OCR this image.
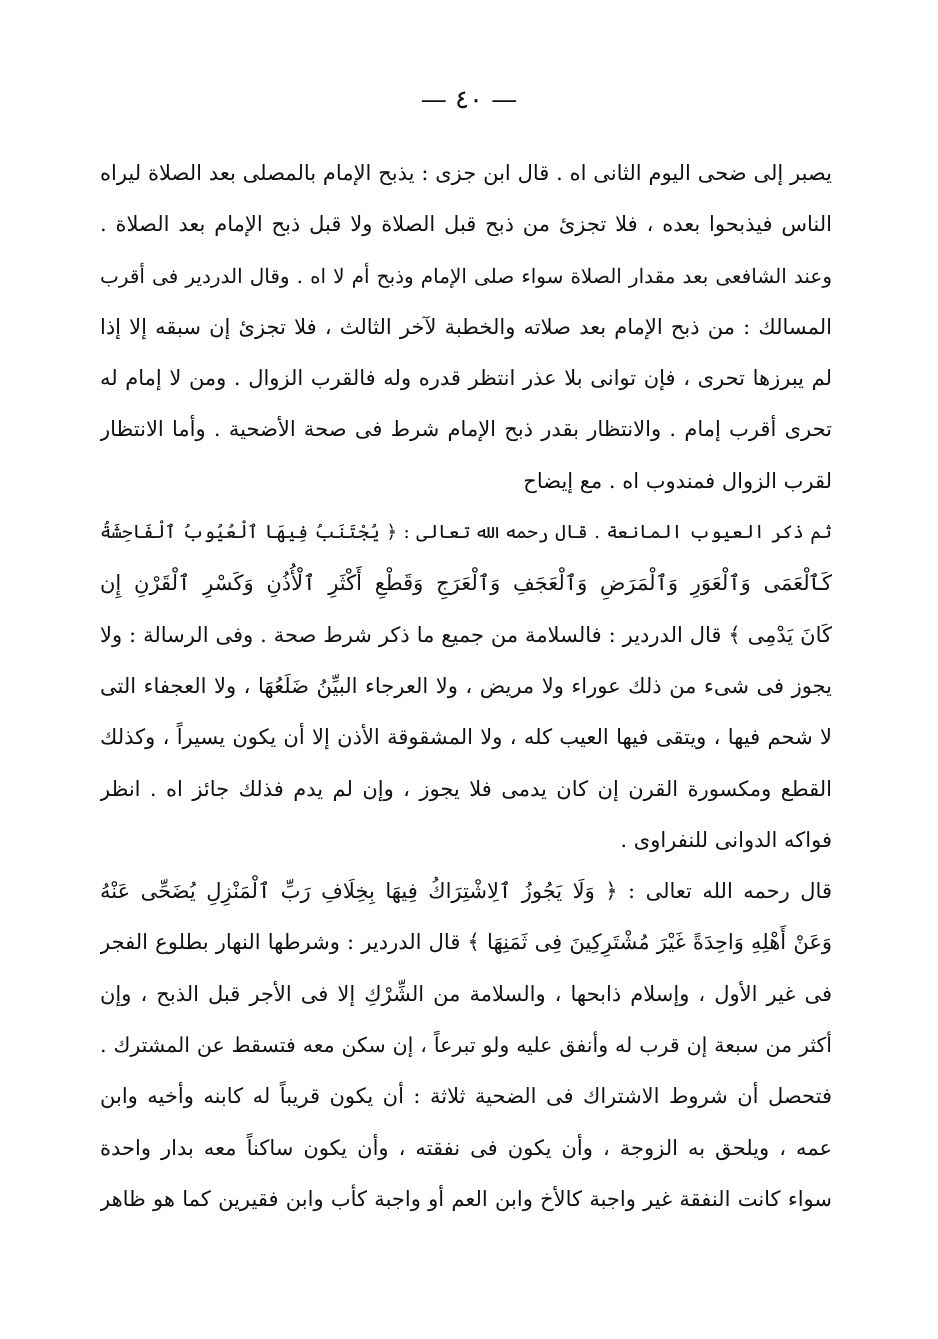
— ٤٠ —
يصبر إلى ضحى اليوم الثانى اه . قال ابن جزى : يذبح الإمام بالمصلى بعد الصلاة ليراه
الناس فيذبحوا بعده ، فلا تجزئ من ذبح قبل الصلاة ولا قبل ذبح الإمام بعد الصلاة .
وعند الشافعى بعد مقدار الصلاة سواء صلى الإمام وذبح أم لا اه . وقال الدردير فى أقرب
المسالك : من ذبح الإمام بعد صلاته والخطبة لآخر الثالث ، فلا تجزئ إن سبقه إلا إذا
لم يبرزها تحرى ، فإن توانى بلا عذر انتظر قدره وله فالقرب الزوال . ومن لا إمام له
تحرى أقرب إمام . والانتظار بقدر ذبح الإمام شرط فى صحة الأضحية . وأما الانتظار
لقرب الزوال فمندوب اه . مع إيضاح
ثم ذكر العيوب المانعة . قال رحمه الله تعالى : ﴿ يُجْتَنَبُ فِيهَا ٱلْعُيُوبُ ٱلْفَاحِشَةُ
كَٱلْعَمَى وَٱلْعَوَرِ وَٱلْمَرَضِ وَٱلْعَجَفِ وَٱلْعَرَجِ وَقَطْعِ أَكْثَرِ ٱلْأُذُنِ وَكَسْرِ ٱلْقَرْنِ إِن
كَانَ يَدْمِى ﴾ قال الدردير : فالسلامة من جميع ما ذكر شرط صحة . وفى الرسالة : ولا
يجوز فى شىء من ذلك عوراء ولا مريض ، ولا العرجاء البيِّنُ ضَلَعُهَا ، ولا العجفاء التى
لا شحم فيها ، ويتقى فيها العيب كله ، ولا المشقوقة الأذن إلا أن يكون يسيراً ، وكذلك
القطع ومكسورة القرن إن كان يدمى فلا يجوز ، وإن لم يدم فذلك جائز اه . انظر
فواكه الدوانى للنفراوى .
قال رحمه الله تعالى : ﴿ وَلَا يَجُوزُ ٱلِاشْتِرَاكُ فِيهَا بِخِلَافِ رَبِّ ٱلْمَنْزِلِ يُضَحِّى عَنْهُ
وَعَنْ أَهْلِهِ وَاحِدَةً غَيْرَ مُشْتَرِكِينَ فِى ثَمَنِهَا ﴾ قال الدردير : وشرطها النهار بطلوع الفجر
فى غير الأول ، وإسلام ذابحها ، والسلامة من الشِّرْكِ إلا فى الأجر قبل الذبح ، وإن
أكثر من سبعة إن قرب له وأنفق عليه ولو تبرعاً ، إن سكن معه فتسقط عن المشترك .
فتحصل أن شروط الاشتراك فى الضحية ثلاثة : أن يكون قريباً له كابنه وأخيه وابن
عمه ، ويلحق به الزوجة ، وأن يكون فى نفقته ، وأن يكون ساكناً معه بدار واحدة
سواء كانت النفقة غير واجبة كالأخ وابن العم أو واجبة كأب وابن فقيرين كما هو ظاهر
